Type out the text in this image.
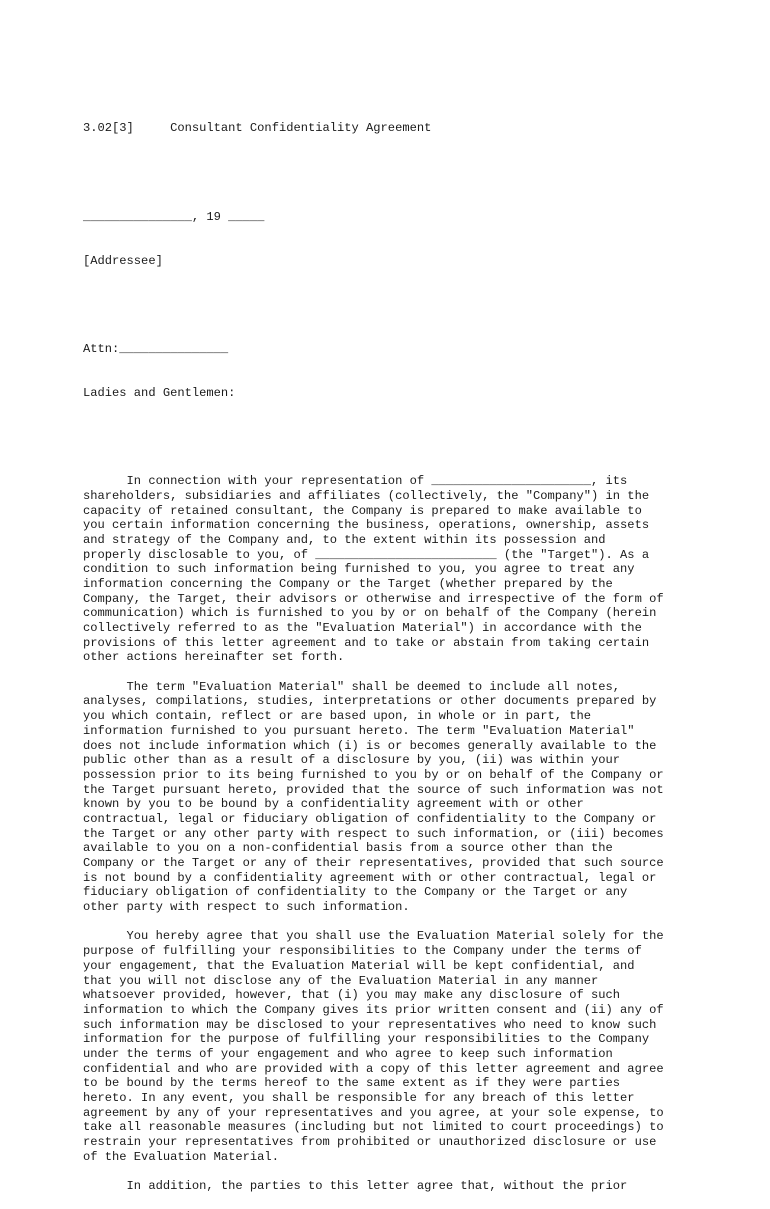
3.02[3]     Consultant Confidentiality Agreement

_______________, 19 _____

[Addressee]

Attn:_______________

Ladies and Gentlemen:

In connection with your representation of ______________________, its
shareholders, subsidiaries and affiliates (collectively, the "Company") in the
capacity of retained consultant, the Company is prepared to make available to
you certain information concerning the business, operations, ownership, assets
and strategy of the Company and, to the extent within its possession and
properly disclosable to you, of _________________________ (the "Target"). As a
condition to such information being furnished to you, you agree to treat any
information concerning the Company or the Target (whether prepared by the
Company, the Target, their advisors or otherwise and irrespective of the form of
communication) which is furnished to you by or on behalf of the Company (herein
collectively referred to as the "Evaluation Material") in accordance with the
provisions of this letter agreement and to take or abstain from taking certain
other actions hereinafter set forth.
The term "Evaluation Material" shall be deemed to include all notes,
analyses, compilations, studies, interpretations or other documents prepared by
you which contain, reflect or are based upon, in whole or in part, the
information furnished to you pursuant hereto. The term "Evaluation Material"
does not include information which (i) is or becomes generally available to the
public other than as a result of a disclosure by you, (ii) was within your
possession prior to its being furnished to you by or on behalf of the Company or
the Target pursuant hereto, provided that the source of such information was not
known by you to be bound by a confidentiality agreement with or other
contractual, legal or fiduciary obligation of confidentiality to the Company or
the Target or any other party with respect to such information, or (iii) becomes
available to you on a non-confidential basis from a source other than the
Company or the Target or any of their representatives, provided that such source
is not bound by a confidentiality agreement with or other contractual, legal or
fiduciary obligation of confidentiality to the Company or the Target or any
other party with respect to such information.
You hereby agree that you shall use the Evaluation Material solely for the
purpose of fulfilling your responsibilities to the Company under the terms of
your engagement, that the Evaluation Material will be kept confidential, and
that you will not disclose any of the Evaluation Material in any manner
whatsoever provided, however, that (i) you may make any disclosure of such
information to which the Company gives its prior written consent and (ii) any of
such information may be disclosed to your representatives who need to know such
information for the purpose of fulfilling your responsibilities to the Company
under the terms of your engagement and who agree to keep such information
confidential and who are provided with a copy of this letter agreement and agree
to be bound by the terms hereof to the same extent as if they were parties
hereto. In any event, you shall be responsible for any breach of this letter
agreement by any of your representatives and you agree, at your sole expense, to
take all reasonable measures (including but not limited to court proceedings) to
restrain your representatives from prohibited or unauthorized disclosure or use
of the Evaluation Material.
In addition, the parties to this letter agree that, without the prior
